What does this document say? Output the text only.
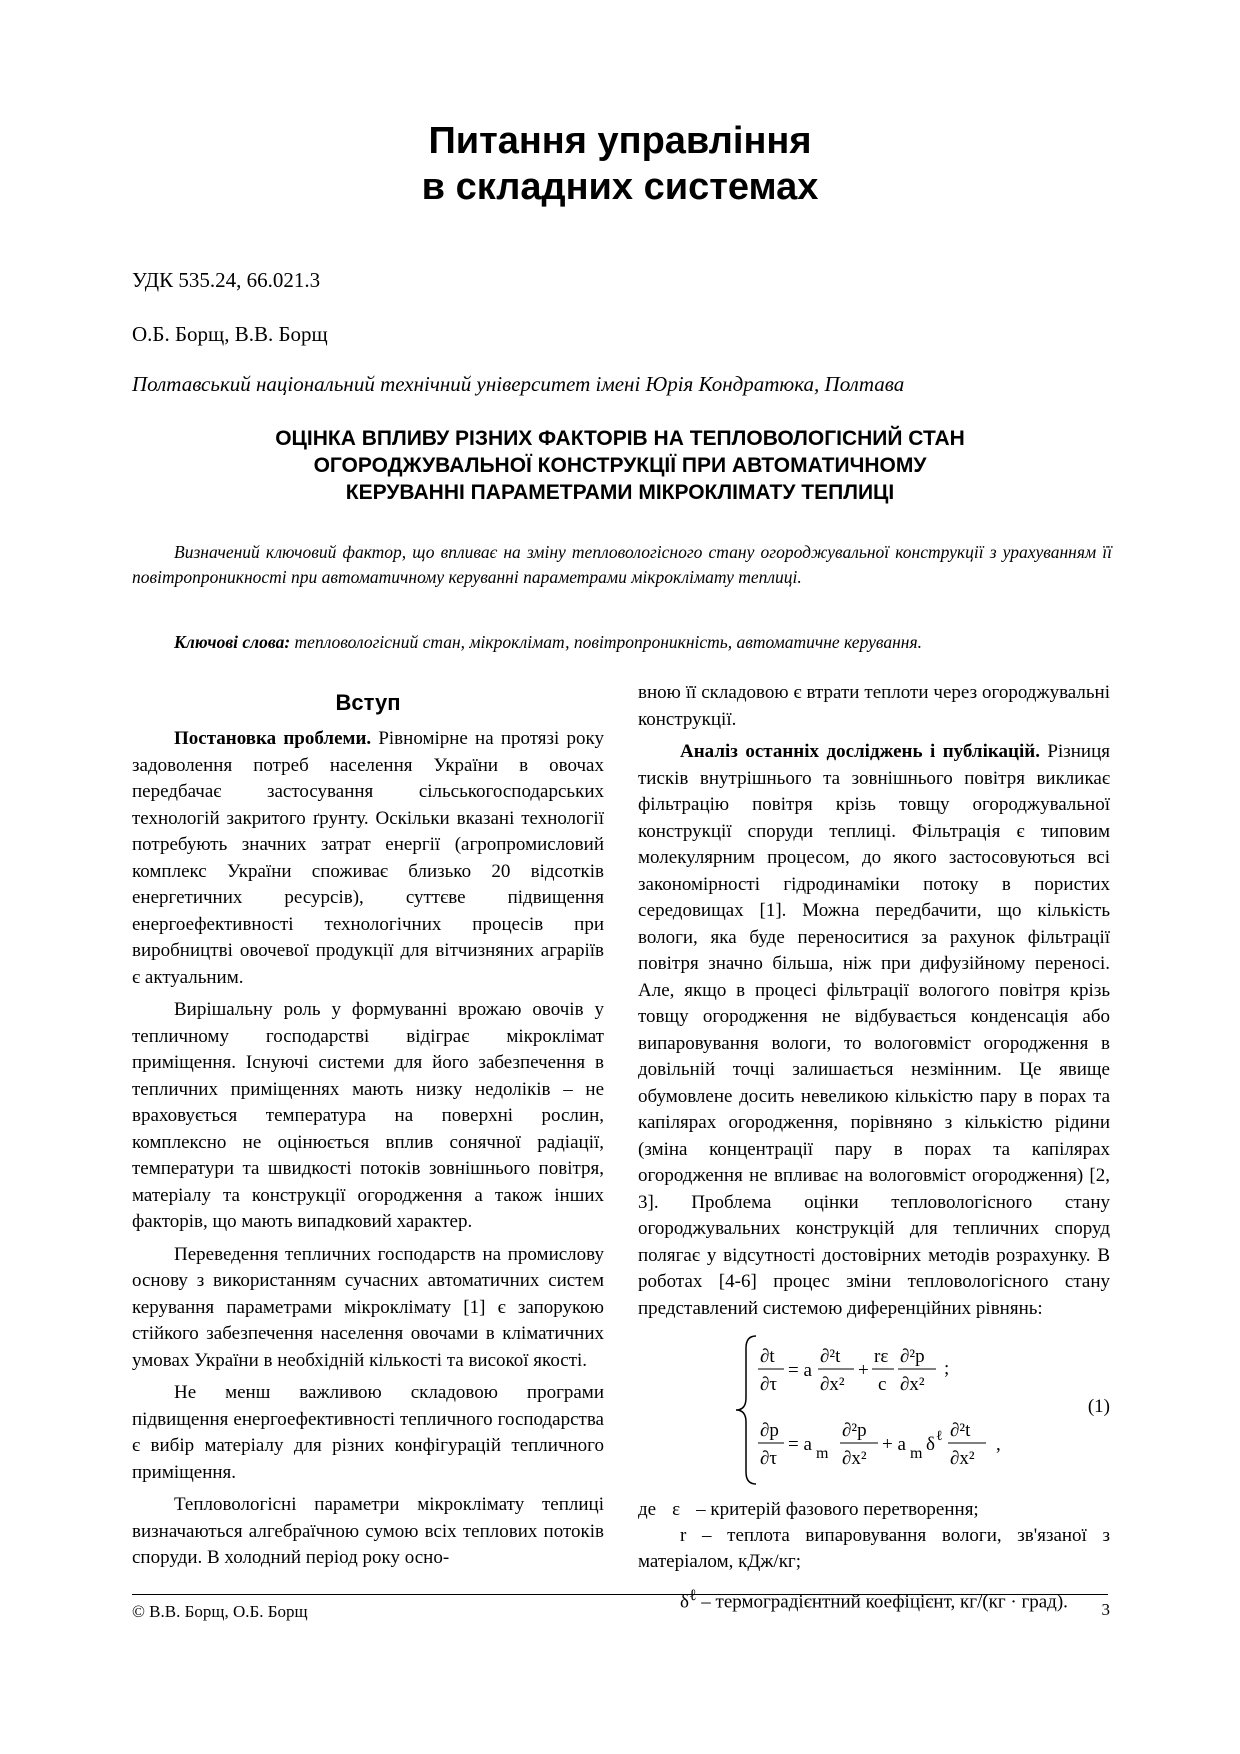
Питання управління
в складних системах
УДК 535.24, 66.021.3
О.Б. Борщ, В.В. Борщ
Полтавський національний технічний університет імені Юрія Кондратюка, Полтава
ОЦІНКА ВПЛИВУ РІЗНИХ ФАКТОРІВ НА ТЕПЛОВОЛОГІСНИЙ СТАН
ОГОРОДЖУВАЛЬНОЇ КОНСТРУКЦІЇ ПРИ АВТОМАТИЧНОМУ
КЕРУВАННІ ПАРАМЕТРАМИ МІКРОКЛІМАТУ ТЕПЛИЦІ
Визначений ключовий фактор, що впливає на зміну тепловологісного стану огороджувальної конструкції з урахуванням її повітропроникності при автоматичному керуванні параметрами мікроклімату теплиці.
Ключові слова: тепловологісний стан, мікроклімат, повітропроникність, автоматичне керування.
Вступ

Постановка проблеми. Рівномірне на протязі року задоволення потреб населення України в овочах передбачає застосування сільськогосподарських технологій закритого ґрунту. Оскільки вказані технології потребують значних затрат енергії (агропромисловий комплекс України споживає близько 20 відсотків енергетичних ресурсів), суттєве підвищення енергоефективності технологічних процесів при виробництві овочевої продукції для вітчизняних аграріїв є актуальним.

Вирішальну роль у формуванні врожаю овочів у тепличному господарстві відіграє мікроклімат приміщення. Існуючі системи для його забезпечення в тепличних приміщеннях мають низку недоліків – не враховується температура на поверхні рослин, комплексно не оцінюється вплив сонячної радіації, температури та швидкості потоків зовнішнього повітря, матеріалу та конструкції огородження а також інших факторів, що мають випадковий характер.

Переведення тепличних господарств на промислову основу з використанням сучасних автоматичних систем керування параметрами мікроклімату [1] є запорукою стійкого забезпечення населення овочами в кліматичних умовах України в необхідній кількості та високої якості.

Не менш важливою складовою програми підвищення енергоефективності тепличного господарства є вибір матеріалу для різних конфігурацій тепличного приміщення.

Тепловологісні параметри мікроклімату теплиці визначаються алгебраїчною сумою всіх теплових потоків споруди. В холодний період року осно-

вною її складовою є втрати теплоти через огороджувальні конструкції.

Аналіз останніх досліджень і публікацій. Різниця тисків внутрішнього та зовнішнього повітря викликає фільтрацію повітря крізь товщу огороджувальної конструкції споруди теплиці. Фільтрація є типовим молекулярним процесом, до якого застосовуються всі закономірності гідродинаміки потоку в пористих середовищах [1]. Можна передбачити, що кількість вологи, яка буде переноситися за рахунок фільтрації повітря значно більша, ніж при дифузійному переносі. Але, якщо в процесі фільтрації вологого повітря крізь товщу огородження не відбувається конденсація або випаровування вологи, то вологовміст огородження в довільній точці залишається незмінним. Це явище обумовлене досить невеликою кількістю пару в порах та капілярах огородження, порівняно з кількістю рідини (зміна концентрації пару в порах та капілярах огородження не впливає на вологовміст огородження) [2, 3]. Проблема оцінки тепловологісного стану огороджувальних конструкцій для тепличних споруд полягає у відсутності достовірних методів розрахунку. В роботах [4-6] процес зміни тепловологісного стану представлений системою диференційних рівнянь:

∂t
∂τ
= a
∂²t
∂x²
+
rε
c
∂²p
∂x²
;
∂p
∂τ
= a m
∂²p
∂x²
+ a m δ ℓ ∂²t
∂x²
,
(1)
де ε – критерій фазового перетворення;
r – теплота випаровування вологи, зв'язаної з матеріалом, кДж/кг;
$\delta^\ell$ – термоградієнтний коефіцієнт, кг/(кг · град).
© В.В. Борщ, О.Б. Борщ	3
